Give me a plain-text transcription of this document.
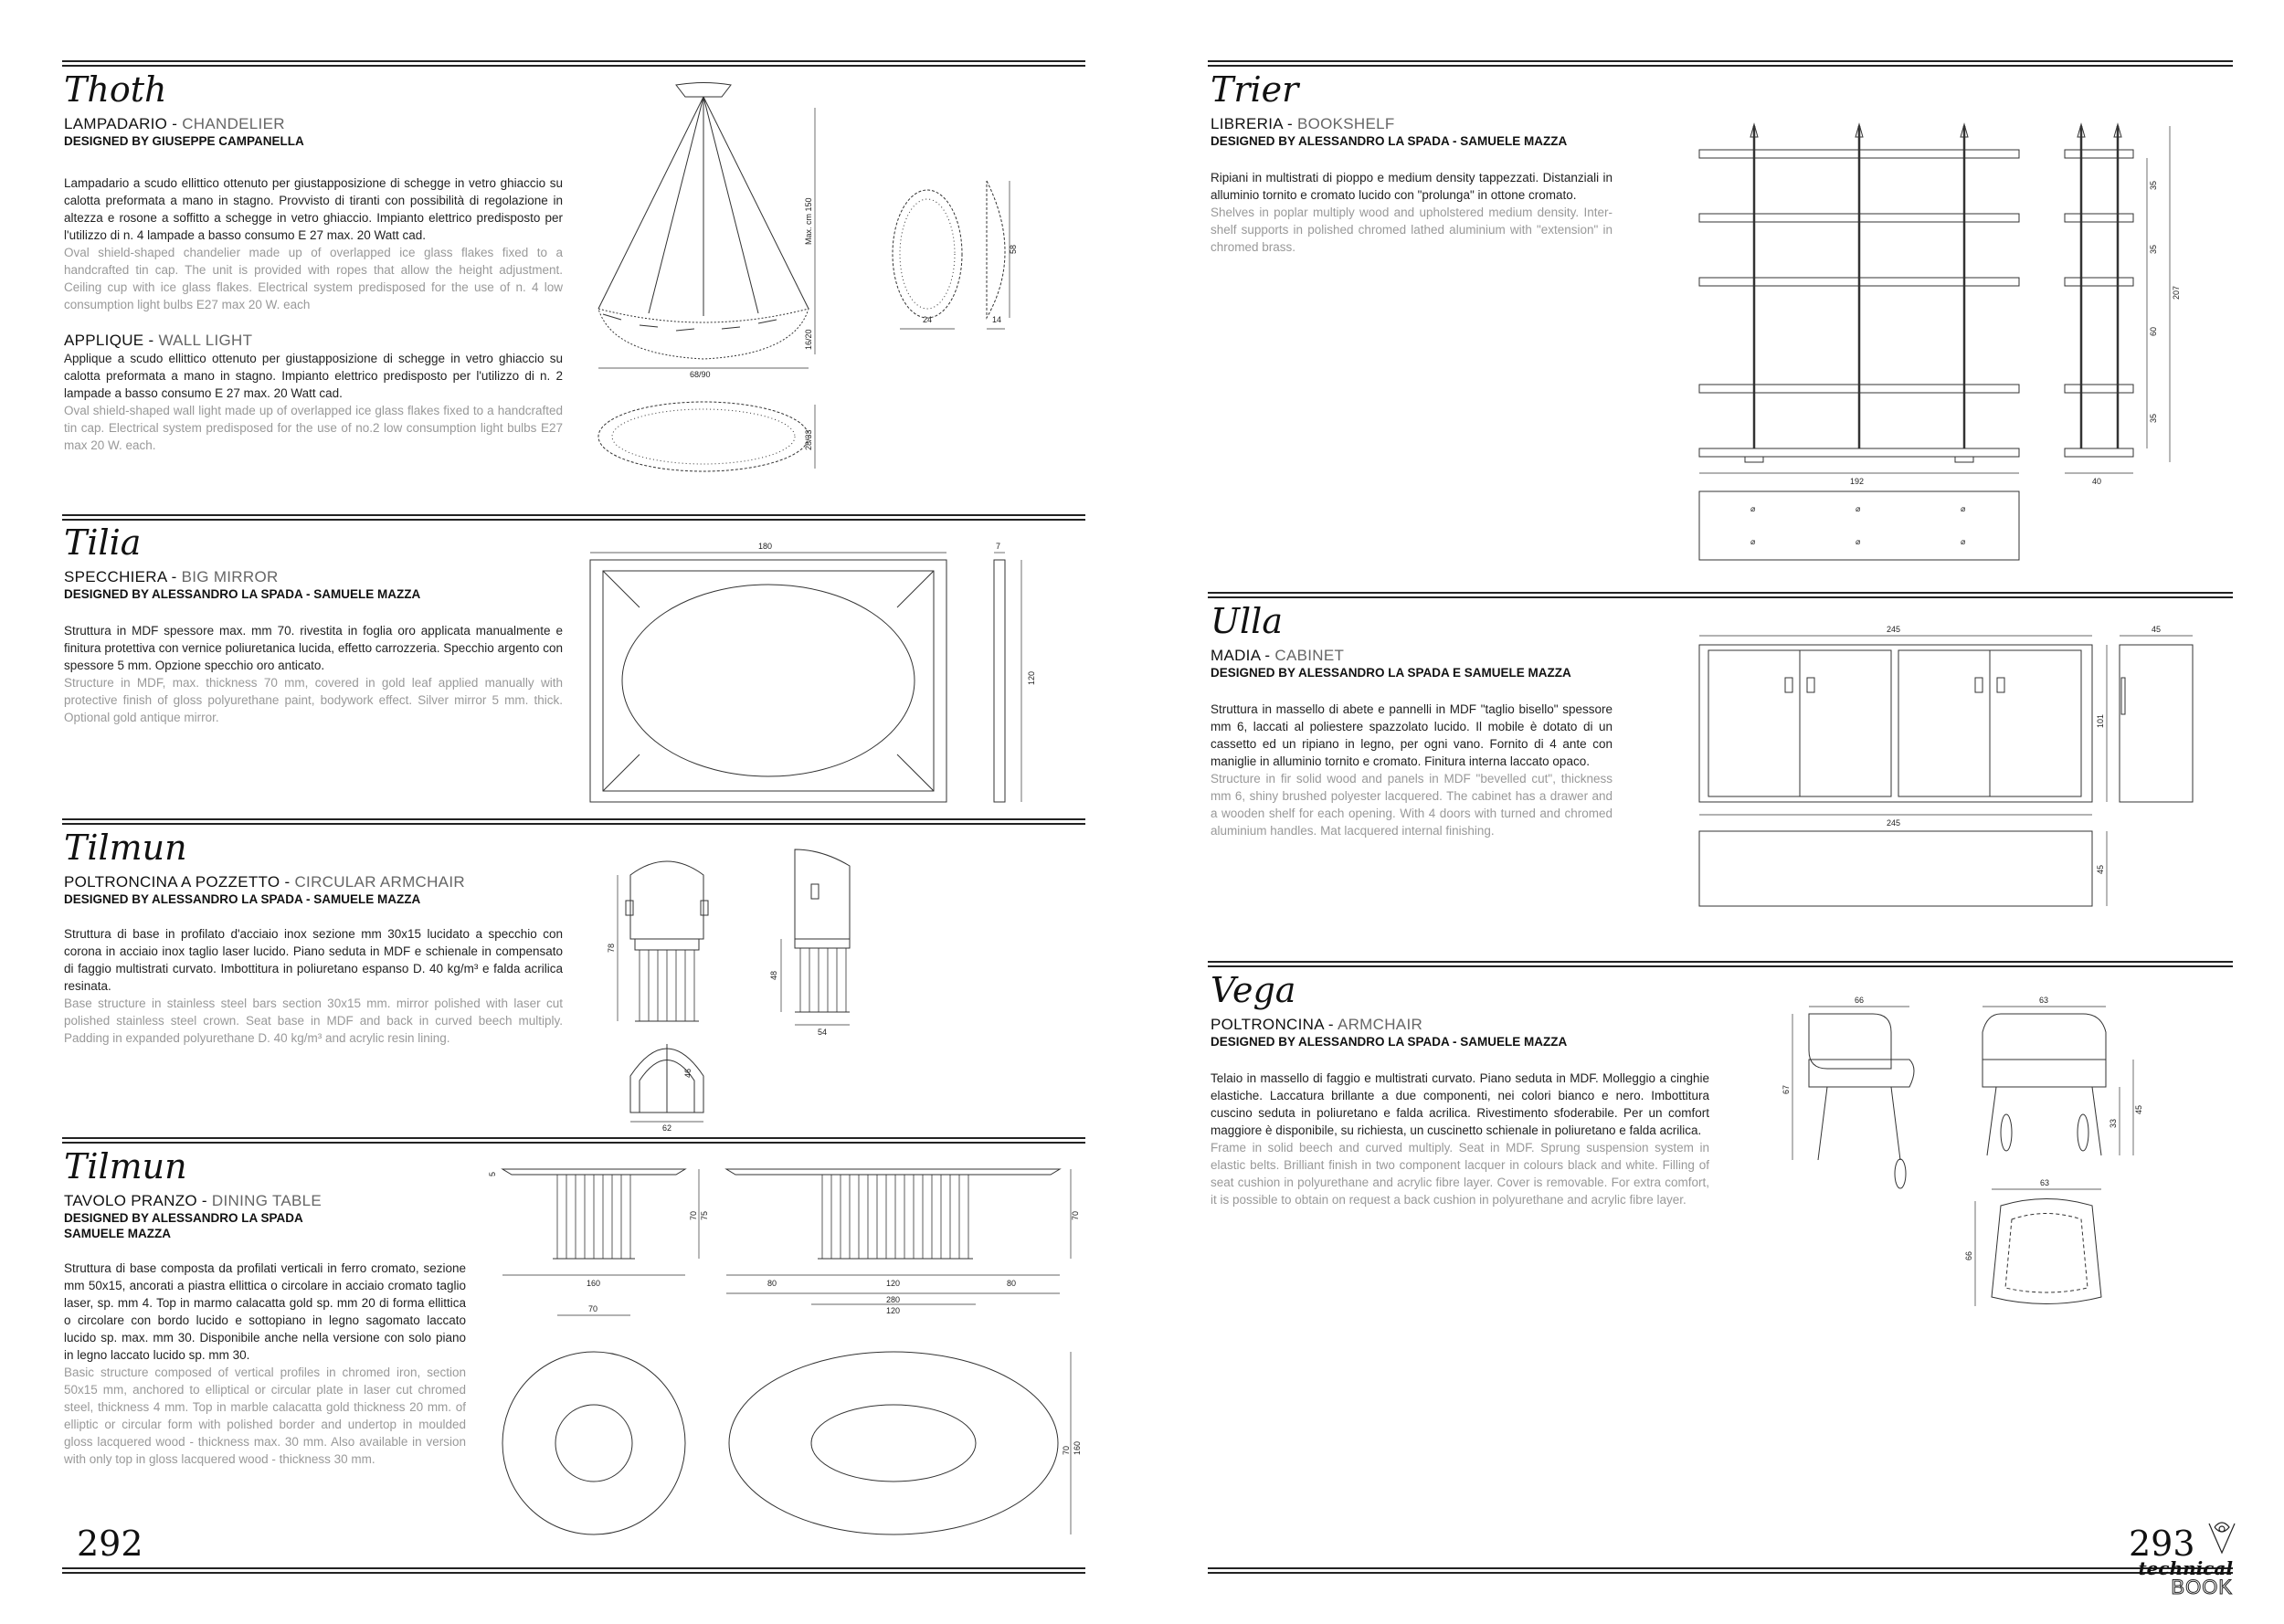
Thoth
LAMPADARIO - CHANDELIER
DESIGNED BY GIUSEPPE CAMPANELLA
Lampadario a scudo ellittico ottenuto per giustapposizione di schegge in vetro ghiaccio su calotta preformata a mano in stagno. Provvisto di tiranti con possibilità di regolazione in altezza e rosone a soffitto a schegge in vetro ghiaccio. Impianto elettrico predisposto per l'utilizzo di n. 4 lampade a basso consumo E 27 max. 20 Watt cad.
Oval shield-shaped chandelier made up of overlapped ice glass flakes fixed to a handcrafted tin cap. The unit is provided with ropes that allow the height adjustment. Ceiling cup with ice glass flakes. Electrical system predisposed for the use of n. 4 low consumption light bulbs E27 max 20 W. each
APPLIQUE - WALL LIGHT
Applique a scudo ellittico ottenuto per giustapposizione di schegge in vetro ghiaccio su calotta preformata a mano in stagno. Impianto elettrico predisposto per l'utilizzo di n. 2 lampade a basso consumo E 27 max. 20 Watt cad.
Oval shield-shaped wall light made up of overlapped ice glass flakes fixed to a handcrafted tin cap. Electrical system predisposed for the use of no.2 low consumption light bulbs E27 max 20 W. each.
Max. cm 150
16/20
68/90
28/33
24
58
14
Tilia
SPECCHIERA - BIG MIRROR
DESIGNED BY ALESSANDRO LA SPADA - SAMUELE MAZZA
Struttura in MDF spessore max. mm 70. rivestita in foglia oro applicata manualmente e finitura protettiva con vernice poliuretanica lucida, effetto carrozzeria. Specchio argento con spessore 5 mm. Opzione specchio oro anticato.
Structure in MDF, max. thickness 70 mm, covered in gold leaf applied manually with protective finish of gloss polyurethane paint, bodywork effect. Silver mirror 5 mm. thick. Optional gold antique mirror.
180	7
120
Tilmun
POLTRONCINA A POZZETTO - CIRCULAR ARMCHAIR
DESIGNED BY ALESSANDRO LA SPADA - SAMUELE MAZZA
Struttura di base in profilato d'acciaio inox sezione mm 30x15 lucidato a specchio con corona in acciaio inox taglio laser lucido. Piano seduta in MDF e schienale in compensato di faggio multistrati curvato. Imbottitura in poliuretano espanso D. 40 kg/m³ e falda acrilica resinata.
Base structure in stainless steel bars section 30x15 mm. mirror polished with laser cut polished stainless steel crown. Seat base in MDF and back in curved beech multiply. Padding in expanded polyurethane D. 40 kg/m³ and acrylic resin lining.
78
48
54
46
62
Tilmun
TAVOLO PRANZO - DINING TABLE
DESIGNED BY ALESSANDRO LA SPADA
SAMUELE MAZZA
Struttura di base composta da profilati verticali in ferro cromato, sezione mm 50x15, ancorati a piastra ellittica o circolare in acciaio cromato taglio laser, sp. mm 4. Top in marmo calacatta gold sp. mm 20 di forma ellittica o circolare con bordo lucido e sottopiano in legno sagomato laccato lucido sp. max. mm 30. Disponibile anche nella versione con solo piano in legno laccato lucido sp. mm 30.
Basic structure composed of vertical profiles in chromed iron, section 50x15 mm, anchored to elliptical or circular plate in laser cut chromed steel, thickness 4 mm. Top in marble calacatta gold thickness 20 mm. of elliptic or circular form with polished border and undertop in moulded gloss lacquered wood - thickness max. 30 mm. Also available in version with only top in gloss lacquered wood - thickness 30 mm.
5
70 75	70
160	80	120	80
70
280
120
70 160
292
Trier
LIBRERIA - BOOKSHELF
DESIGNED BY ALESSANDRO LA SPADA - SAMUELE MAZZA
Ripiani in multistrati di pioppo e medium density tappezzati. Distanziali in alluminio tornito e cromato lucido con "prolunga" in ottone cromato.
Shelves in poplar multiply wood and upholstered medium density. Inter-shelf supports in polished chromed lathed aluminium with "extension" in chromed brass.
⌀	⌀	⌀
⌀	⌀	⌀
192	40
207
35
35
60
35
Ulla
MADIA - CABINET
DESIGNED BY ALESSANDRO LA SPADA E SAMUELE MAZZA
Struttura in massello di abete e pannelli in MDF "taglio bisello" spessore mm 6, laccati al poliestere spazzolato lucido. Il mobile è dotato di un cassetto ed un ripiano in legno, per ogni vano. Fornito di 4 ante con maniglie in alluminio tornito e cromato. Finitura interna laccato opaco.
Structure in fir solid wood and panels in MDF "bevelled cut", thickness mm 6, shiny brushed polyester lacquered. The cabinet has a drawer and a wooden shelf for each opening. With 4 doors with turned and chromed aluminium handles. Mat lacquered internal finishing.
245	45
101
245
45
Vega
POLTRONCINA - ARMCHAIR
DESIGNED BY ALESSANDRO LA SPADA - SAMUELE MAZZA
Telaio in massello di faggio e multistrati curvato. Piano seduta in MDF. Molleggio a cinghie elastiche. Laccatura brillante a due componenti, nei colori bianco e nero. Imbottitura cuscino seduta in poliuretano e falda acrilica. Rivestimento sfoderabile. Per un comfort maggiore è disponibile, su richiesta, un cuscinetto schienale in poliuretano e falda acrilica.
Frame in solid beech and curved multiply. Seat in MDF. Sprung suspension system in elastic belts. Brilliant finish in two component lacquer in colours black and white. Filling of seat cushion in polyurethane and acrylic fibre layer. Cover is removable. For extra comfort, it is possible to obtain on request a back cushion in polyurethane and acrylic fibre layer.
66	63
67
33
45
63
66
293
technical
BOOK
